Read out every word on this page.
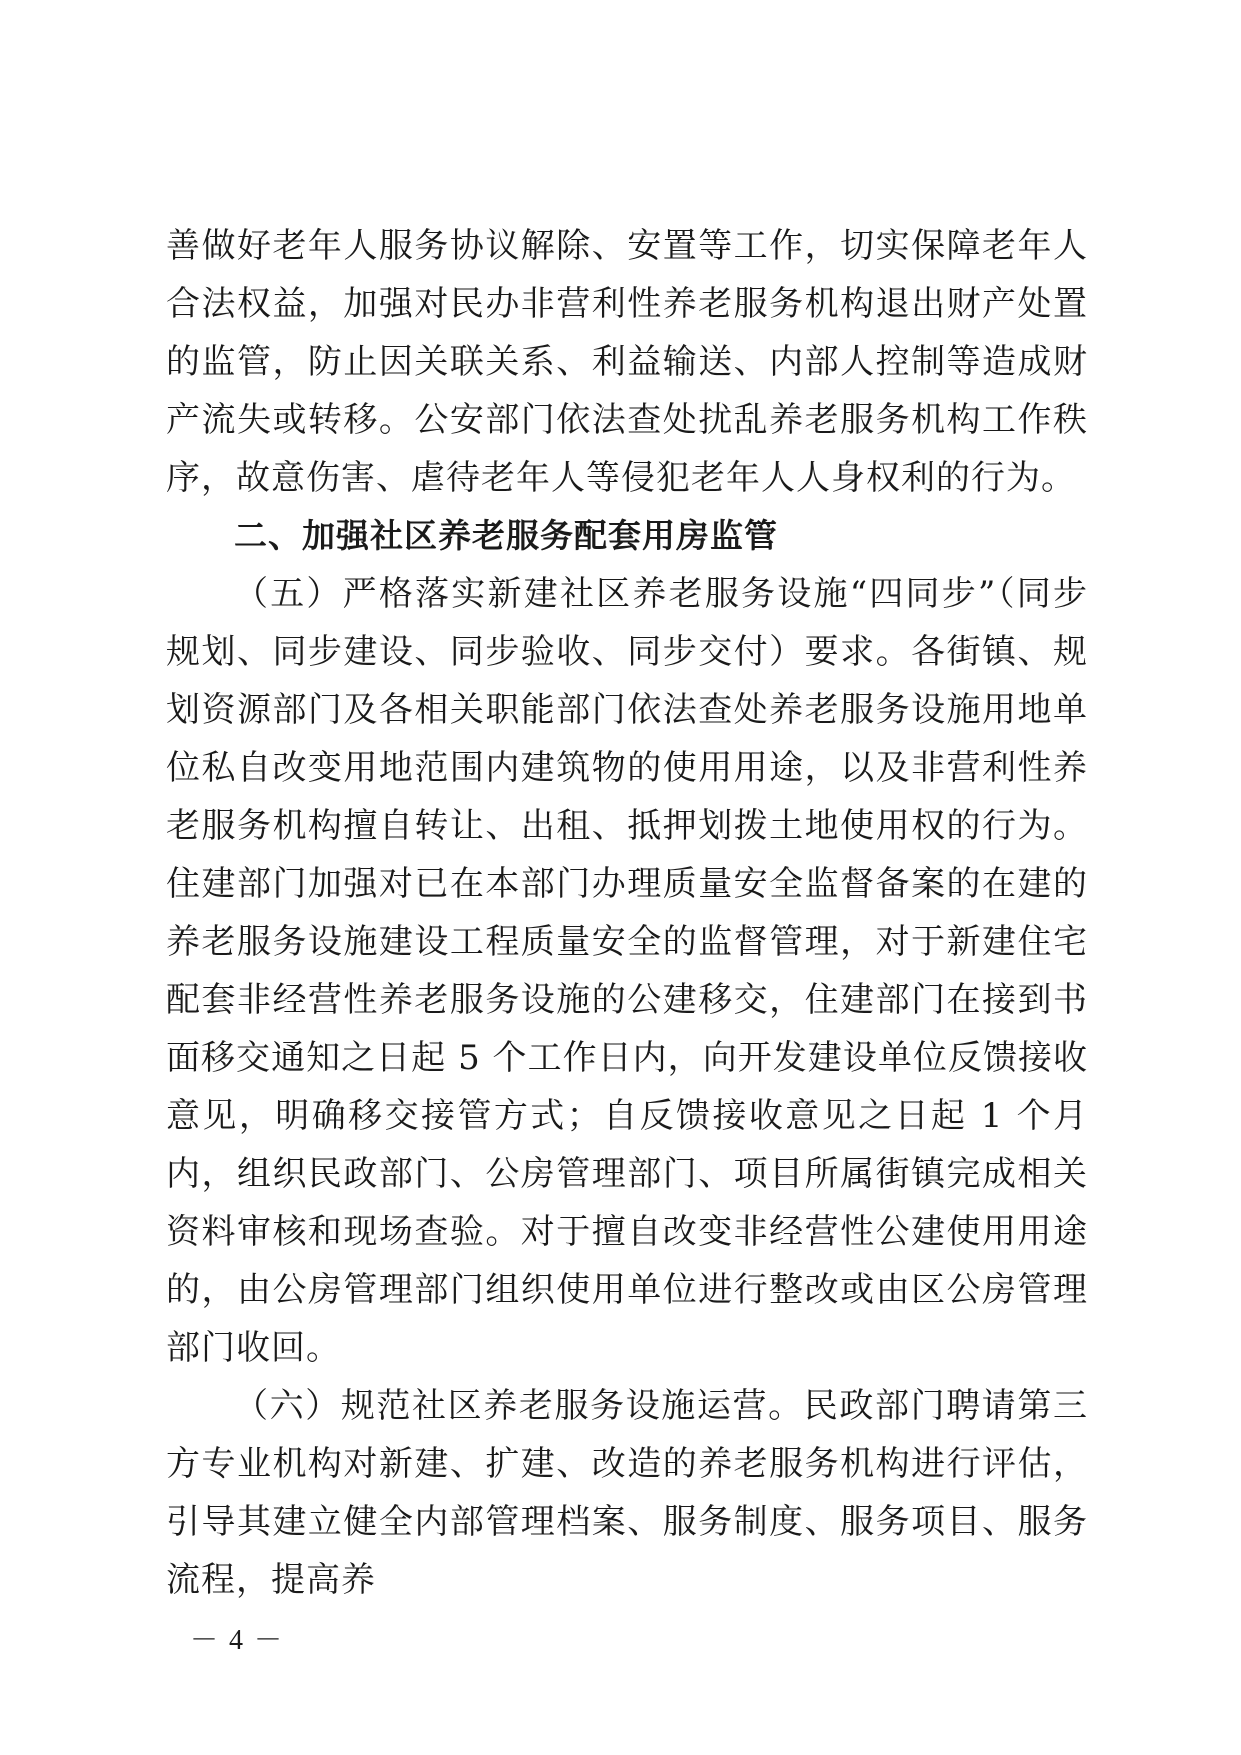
善做好老年人服务协议解除、安置等工作，切实保障老年人合法权益，加强对民办非营利性养老服务机构退出财产处置的监管，防止因关联关系、利益输送、内部人控制等造成财产流失或转移。公安部门依法查处扰乱养老服务机构工作秩序，故意伤害、虐待老年人等侵犯老年人人身权利的行为。

二、加强社区养老服务配套用房监管

（五）严格落实新建社区养老服务设施“四同步”（同步规划、同步建设、同步验收、同步交付）要求。各街镇、规划资源部门及各相关职能部门依法查处养老服务设施用地单位私自改变用地范围内建筑物的使用用途，以及非营利性养老服务机构擅自转让、出租、抵押划拨土地使用权的行为。住建部门加强对已在本部门办理质量安全监督备案的在建的养老服务设施建设工程质量安全的监督管理，对于新建住宅配套非经营性养老服务设施的公建移交，住建部门在接到书面移交通知之日起 5 个工作日内，向开发建设单位反馈接收意见，明确移交接管方式；自反馈接收意见之日起 1 个月内，组织民政部门、公房管理部门、项目所属街镇完成相关资料审核和现场查验。对于擅自改变非经营性公建使用用途的，由公房管理部门组织使用单位进行整改或由区公房管理部门收回。

（六）规范社区养老服务设施运营。民政部门聘请第三方专业机构对新建、扩建、改造的养老服务机构进行评估，引导其建立健全内部管理档案、服务制度、服务项目、服务流程，提高养

－ 4 －
